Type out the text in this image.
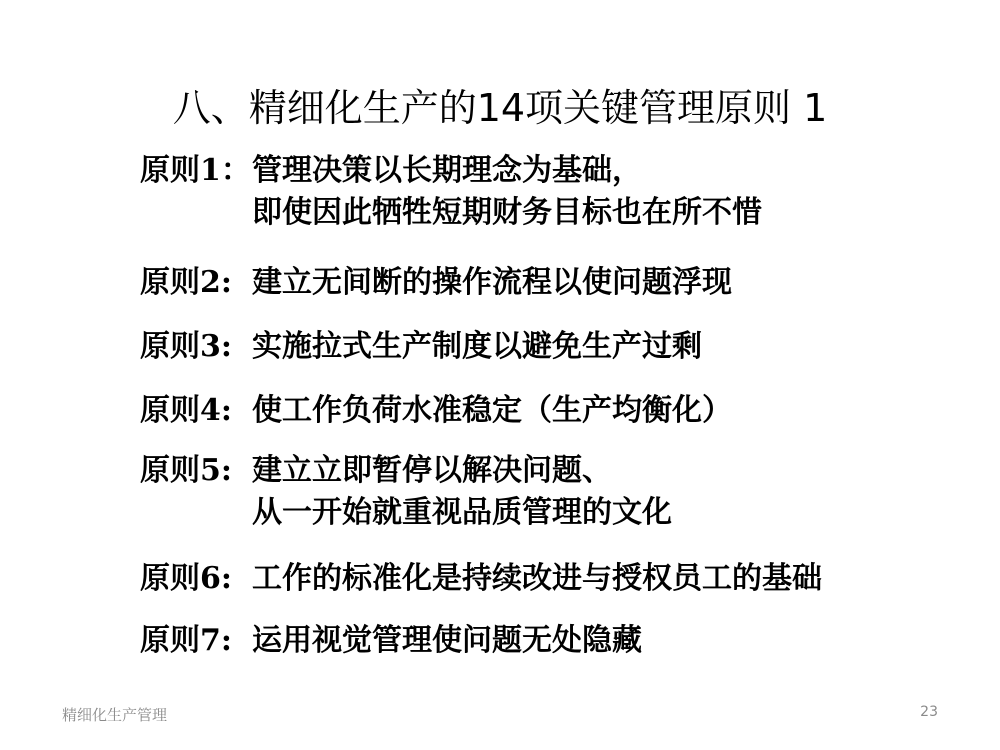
八、精细化生产的14项关键管理原则 1
原则1：管理决策以长期理念为基础，
即使因此牺牲短期财务目标也在所不惜
原则2: 建立无间断的操作流程以使问题浮现
原则3: 实施拉式生产制度以避免生产过剩
原则4: 使工作负荷水准稳定（生产均衡化）
原则5: 建立立即暂停以解决问题、
从一开始就重视品质管理的文化
原则6: 工作的标准化是持续改进与授权员工的基础
原则7: 运用视觉管理使问题无处隐藏
精细化生产管理	23
